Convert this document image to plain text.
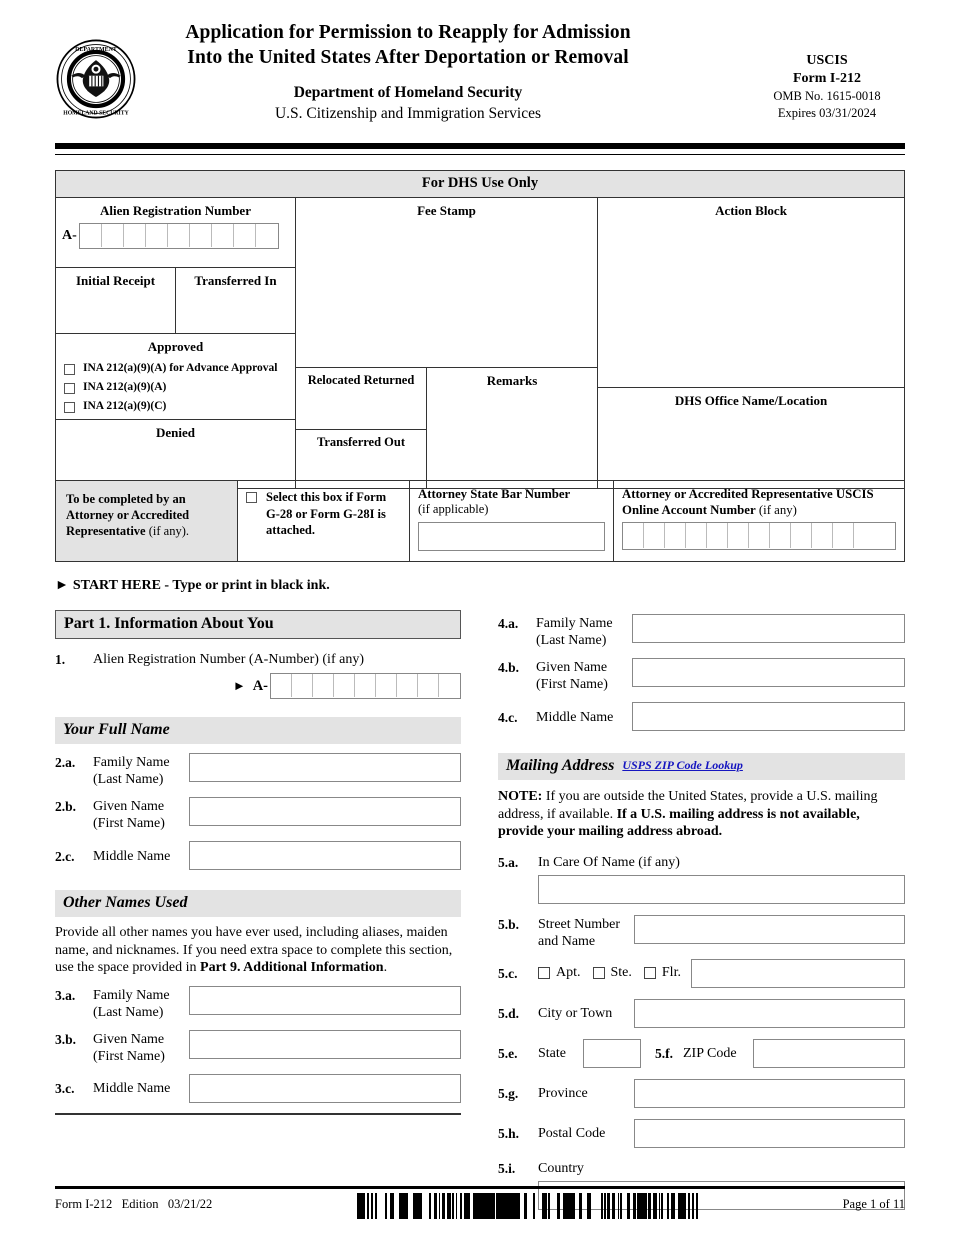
DEPARTMENT
HOMELAND SECURITY
Application for Permission to Reapply for Admission
Into the United States After Deportation or Removal
Department of Homeland Security
U.S. Citizenship and Immigration Services
USCIS
Form I-212
OMB No. 1615-0018
Expires 03/31/2024
For DHS Use Only
Alien Registration Number
A-
Initial Receipt	Transferred In
Approved
INA 212(a)(9)(A) for Advance Approval
INA 212(a)(9)(A)
INA 212(a)(9)(C)
Denied
Fee Stamp
Relocated Returned
Transferred Out
Remarks
Action Block
DHS Office Name/Location
To be completed by an Attorney or Accredited Representative (if any).
Select this box if Form G-28 or Form G-28I is attached.
Attorney State Bar Number
(if applicable)
Attorney or Accredited Representative USCIS Online Account Number (if any)
► START HERE - Type or print in black ink.
Part 1. Information About You
1.	Alien Registration Number (A-Number) (if any)
► A-
Your Full Name
2.a.	Family Name
(Last Name)
2.b.	Given Name
(First Name)
2.c.	Middle Name
Other Names Used
Provide all other names you have ever used, including aliases, maiden name, and nicknames. If you need extra space to complete this section, use the space provided in Part 9. Additional Information.
3.a.	Family Name
(Last Name)
3.b.	Given Name
(First Name)
3.c.	Middle Name
4.a.	Family Name
(Last Name)
4.b.	Given Name
(First Name)
4.c.	Middle Name
Mailing Address USPS ZIP Code Lookup
NOTE: If you are outside the United States, provide a U.S. mailing address, if available. If a U.S. mailing address is not available, provide your mailing address abroad.
5.a.	In Care Of Name (if any)
5.b.	Street Number
and Name
5.c.	Apt. Ste. Flr.
5.d.	City or Town
5.e.	State	5.f. ZIP Code
5.g.	Province
5.h.	Postal Code
5.i.	Country
Form I-212   Edition   03/21/22	Page 1 of 11
